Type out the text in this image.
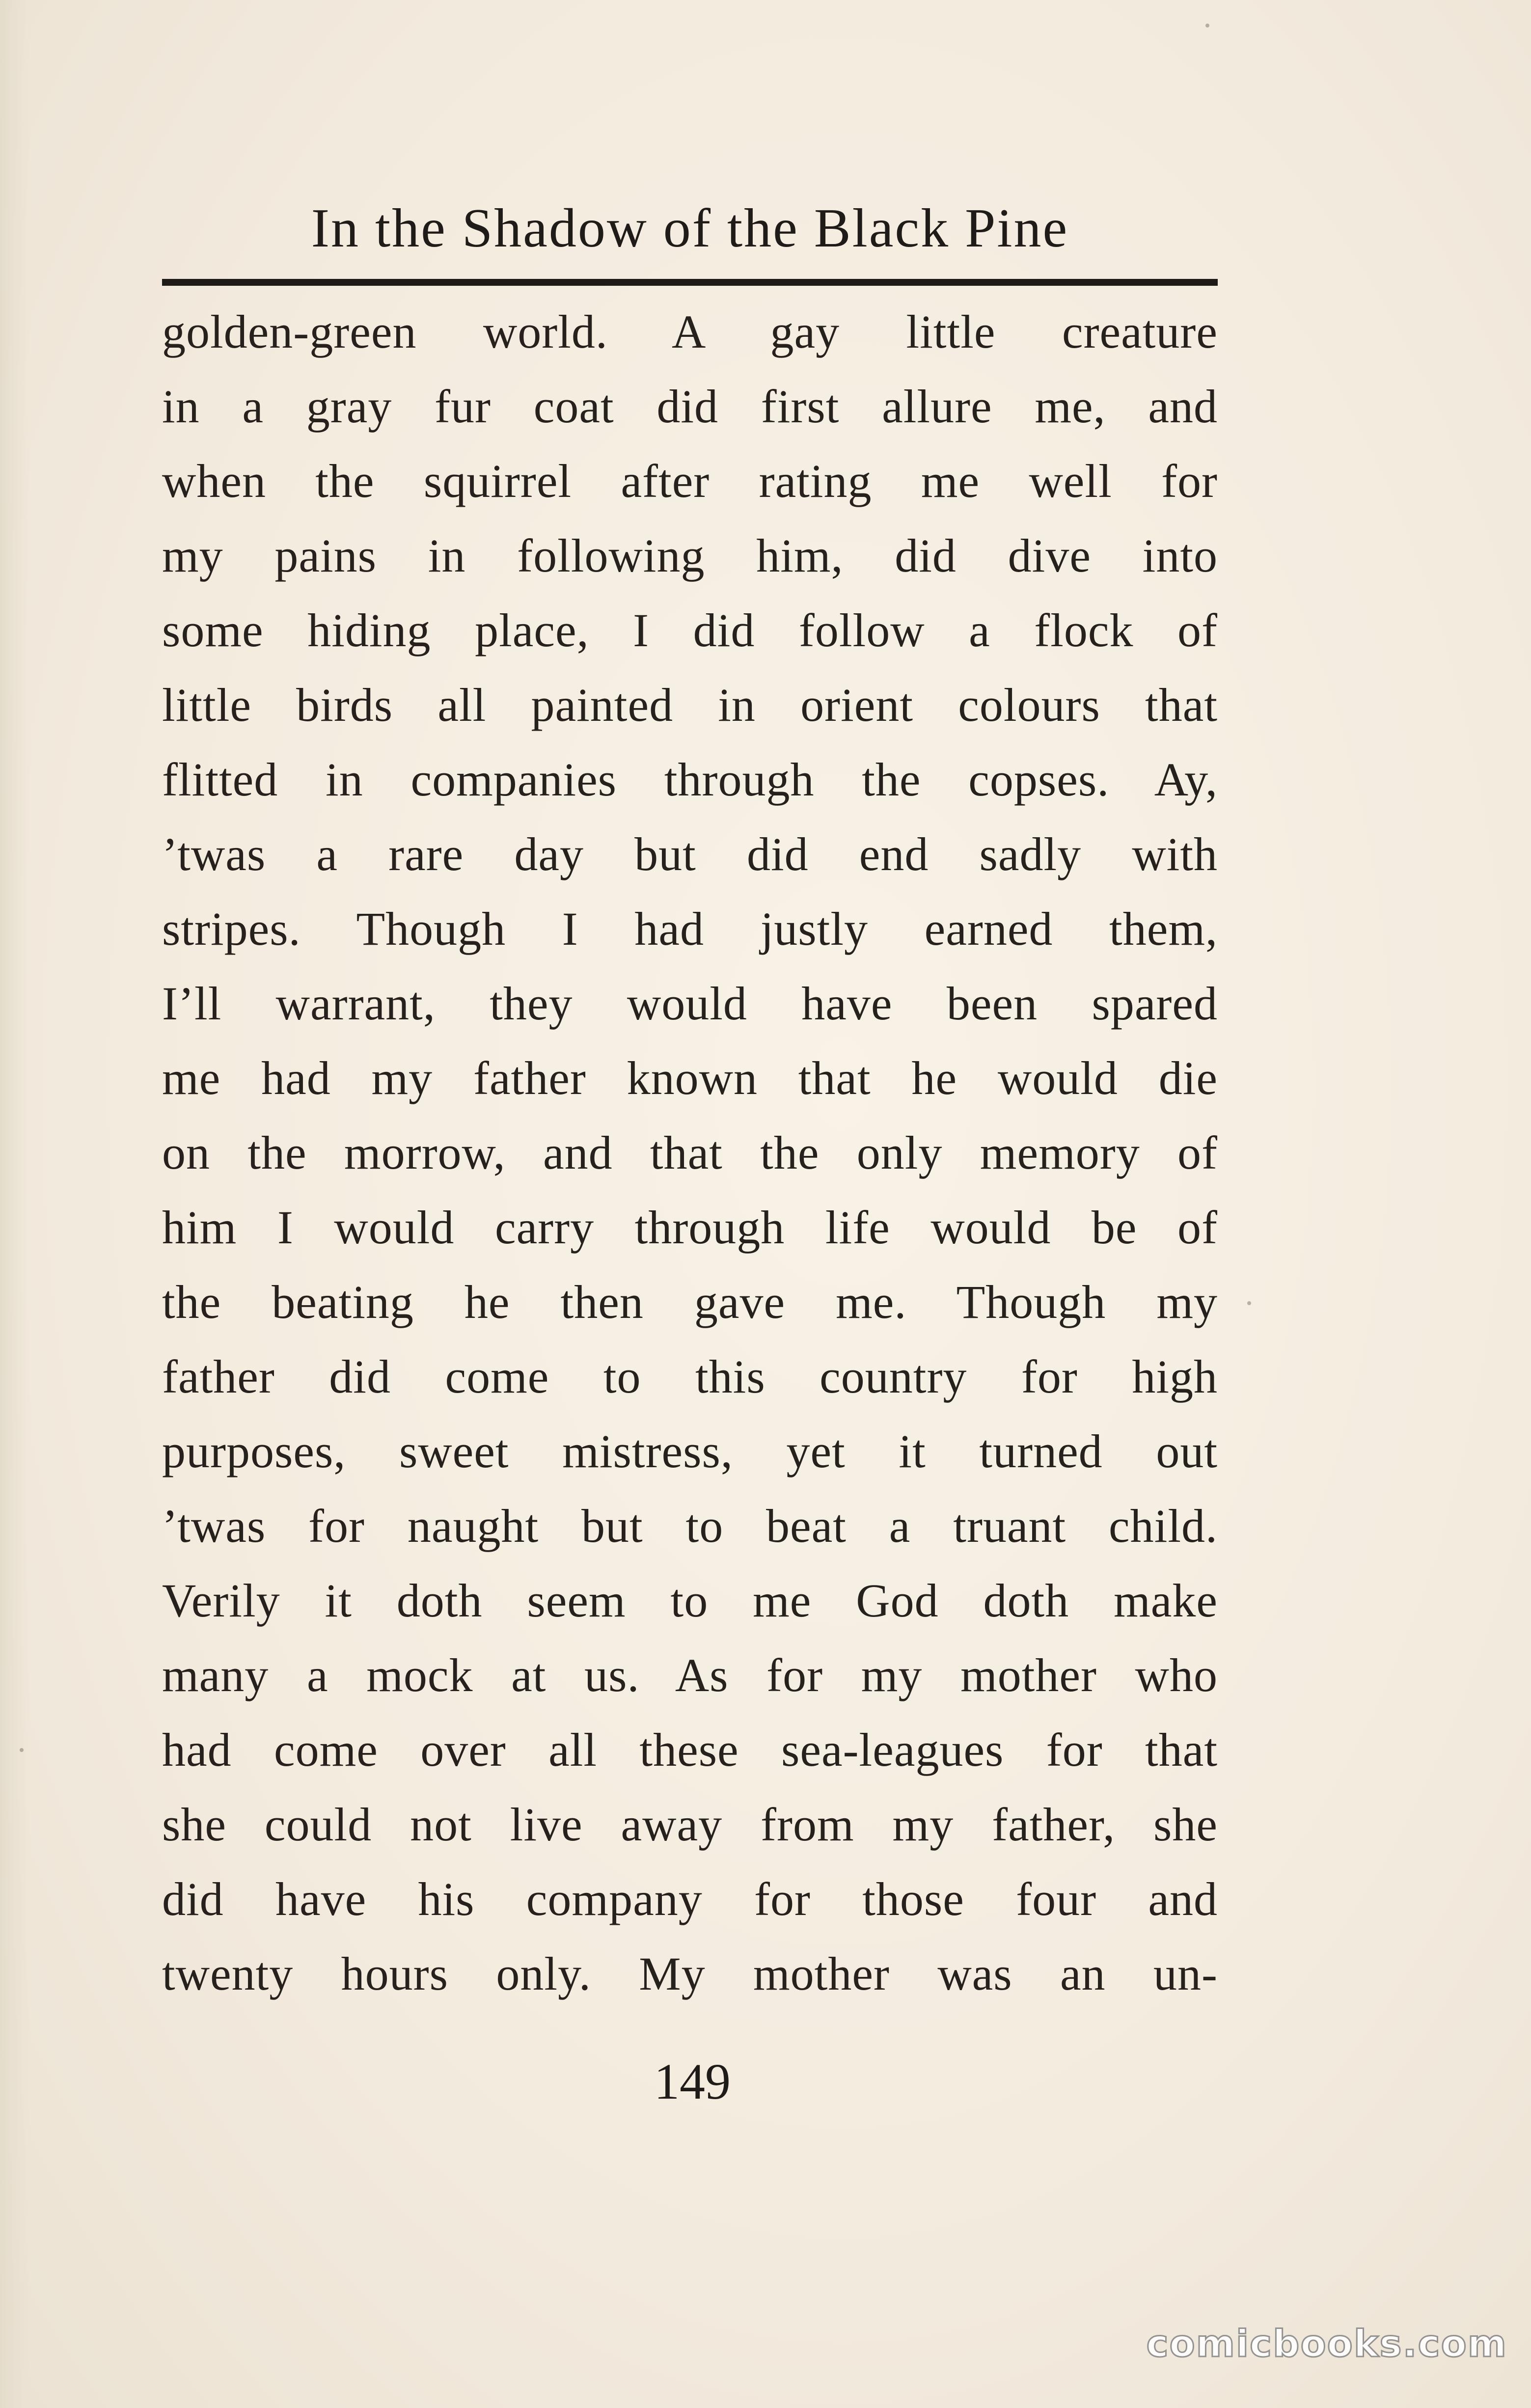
In the Shadow of the Black Pine
golden-green world. A gay little creature
in a gray fur coat did first allure me, and
when the squirrel after rating me well for
my pains in following him, did dive into
some hiding place, I did follow a flock of
little birds all painted in orient colours that
flitted in companies through the copses. Ay,
’twas a rare day but did end sadly with
stripes. Though I had justly earned them,
I’ll warrant, they would have been spared
me had my father known that he would die
on the morrow, and that the only memory of
him I would carry through life would be of
the beating he then gave me. Though my
father did come to this country for high
purposes, sweet mistress, yet it turned out
’twas for naught but to beat a truant child.
Verily it doth seem to me God doth make
many a mock at us. As for my mother who
had come over all these sea-leagues for that
she could not live away from my father, she
did have his company for those four and
twenty hours only. My mother was an un-
149
comicbooks.com
